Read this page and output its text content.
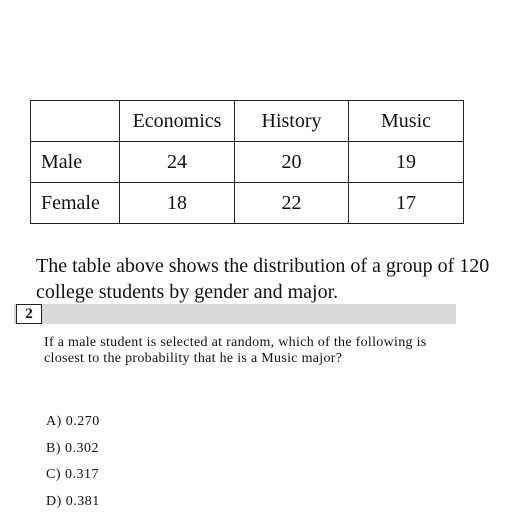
	Economics	History	Music
Male	24	20	19
Female	18	22	17

The table above shows the distribution of a group of 120 college students by gender and major.

2

If a male student is selected at random, which of the following is closest to the probability that he is a Music major?

A) 0.270
B) 0.302
C) 0.317
D) 0.381
